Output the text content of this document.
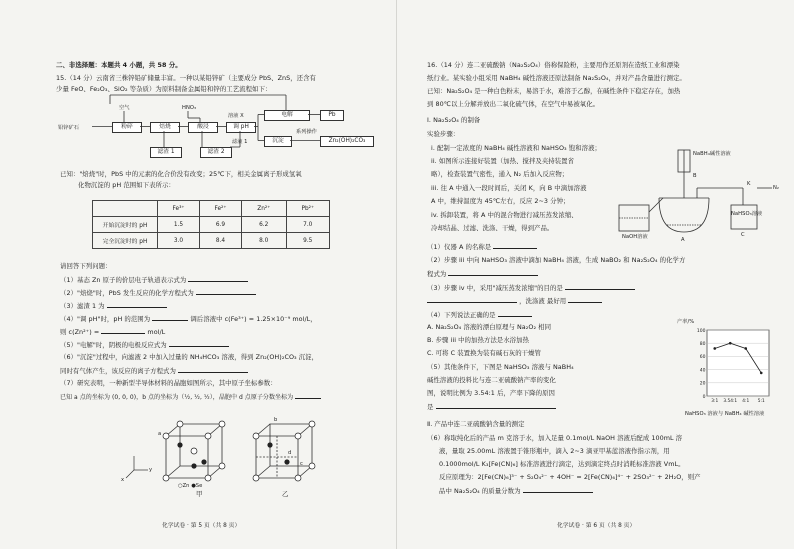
二、非选择题：本题共 4 小题，共 58 分。
15.（14 分）云南省三株锌铅矿储量丰富。一种以某铅锌矿（主要成分 PbS、ZnS，还含有
少量 FeO、Fe₂O₃、SiO₂ 等杂质）为原料制备金属铅和锌的工艺流程如下：
铅锌矿石	粉碎
空气
焙烧
HNO₃
酸浸	调 pH
电解	Pb
沉淀
系列操作
Zn₂(OH)₂CO₃
滤渣 1	滤渣 2
溶液 X
滤液 1
已知："焙烧"时，PbS 中的元素的化合价没有改变；25℃下，相关金属离子形成氢氧
化物沉淀的 pH 范围如下表所示：
	Fe³⁺	Fe²⁺	Zn²⁺	Pb²⁺
开始沉淀时的 pH	1.5	6.9	6.2	7.0
完全沉淀时的 pH	3.0	8.4	8.0	9.5
请回答下列问题：
（1）基态 Zn 原子的价层电子轨道表示式为
（2）"焙烧"时，PbS 发生反应的化学方程式为
（3）滤渣 1 为
（4）"调 pH"时，pH 的范围为	调后溶液中 c(Fe³⁺) = 1.25×10⁻⁹ mol/L，
则 c(Zn²⁺) =	mol/L
（5）"电解"时，阴极的电极反应式为
（6）"沉淀"过程中，向滤液 2 中加入过量的 NH₄HCO₃ 溶液，得到 Zn₂(OH)₂CO₃ 沉淀，
同时有气体产生，该反应的离子方程式为
（7）研究表明，一种新型半导体材料的晶胞如图所示，其中原子坐标参数：
已知 a 点的坐标为 (0, 0, 0)，b 点的坐标为（½, ½, ½），晶胞中 d 点原子分数坐标为
y
x
a
b
c
d
○Zn ●Se
甲	乙
化学试卷 · 第 5 页（共 8 页）
16.（14 分）连二亚硫酸钠（Na₂S₂O₄）俗称保险粉，主要用作还原剂在造纸工业和漂染
纸行业。某实验小组采用 NaBH₄ 碱性溶液还原法制备 Na₂S₂O₄，并对产品含量进行测定。
已知：Na₂S₂O₄ 是一种白色粉末，易溶于水，难溶于乙醇，在碱性条件下稳定存在，加热
到 80℃以上分解并放出二氧化硫气体，在空气中易被氧化。
Ⅰ. Na₂S₂O₄ 的制备
实验步骤：
i. 配制一定浓度的 NaBH₄ 碱性溶液和 NaHSO₃ 饱和溶液；
ii. 如图所示连接好装置（加热、搅拌及夹持装置省
略），检查装置气密性，通入 N₂ 后加入反应物；
iii. 往 A 中通入一段时间后，关闭 K，向 B 中滴加溶液
A 中，维持温度为 45℃左右，反应 2~3 分钟；
iv. 拆卸装置，将 A 中的混合物进行减压蒸发浓缩、
冷却结晶、过滤、洗涤、干燥，得到产品。
NaOH溶液
NaBH₄碱性溶液
N₂
K
A
B
C
NaHSO₃溶液
（1）仪器 A 的名称是
（2）步骤 iii 中向 NaHSO₃ 溶液中滴加 NaBH₄ 溶液，生成 NaBO₂ 和 Na₂S₂O₄ 的化学方
程式为
（3）步骤 iv 中，采用"减压蒸发浓缩"的目的是
，洗涤液 最好用
（4）下列说法正确的是
A. Na₂S₂O₄ 溶液的漂白原理与 Na₂O₂ 相同
B. 步骤 iii 中的加热方法是水浴加热
C. 可将 C 装置换为装有碱石灰的干燥管
（5）其他条件下，下图是 NaHSO₃ 溶液与 NaBH₄
碱性溶液的投料比与连二亚硫酸钠产率的变化
图，说明比例为 3.54:1 后，产率下降的原因
是
100
80
60
40
20
0
3:1 3.54:1 4:1 5:1
产率/%
NaHSO₃ 溶液与 NaBH₄ 碱性溶液
Ⅱ. 产品中连二亚硫酸钠含量的测定
（6）称取纯化后的产品 m 克溶于水，加入足量 0.1mol/L NaOH 溶液后配成 100mL 溶
液，量取 25.00mL 溶液置于锥形瓶中，滴入 2~3 滴亚甲基蓝溶液作指示剂，用
0.1000mol/L K₃[Fe(CN)₆] 标准溶液进行滴定，达到滴定终点时消耗标准溶液 VmL。
反应原理为：2[Fe(CN)₆]³⁻ + S₂O₄²⁻ + 4OH⁻ = 2[Fe(CN)₆]⁴⁻ + 2SO₃²⁻ + 2H₂O，则产
品中 Na₂S₂O₄ 的质量分数为
化学试卷 · 第 6 页（共 8 页）
